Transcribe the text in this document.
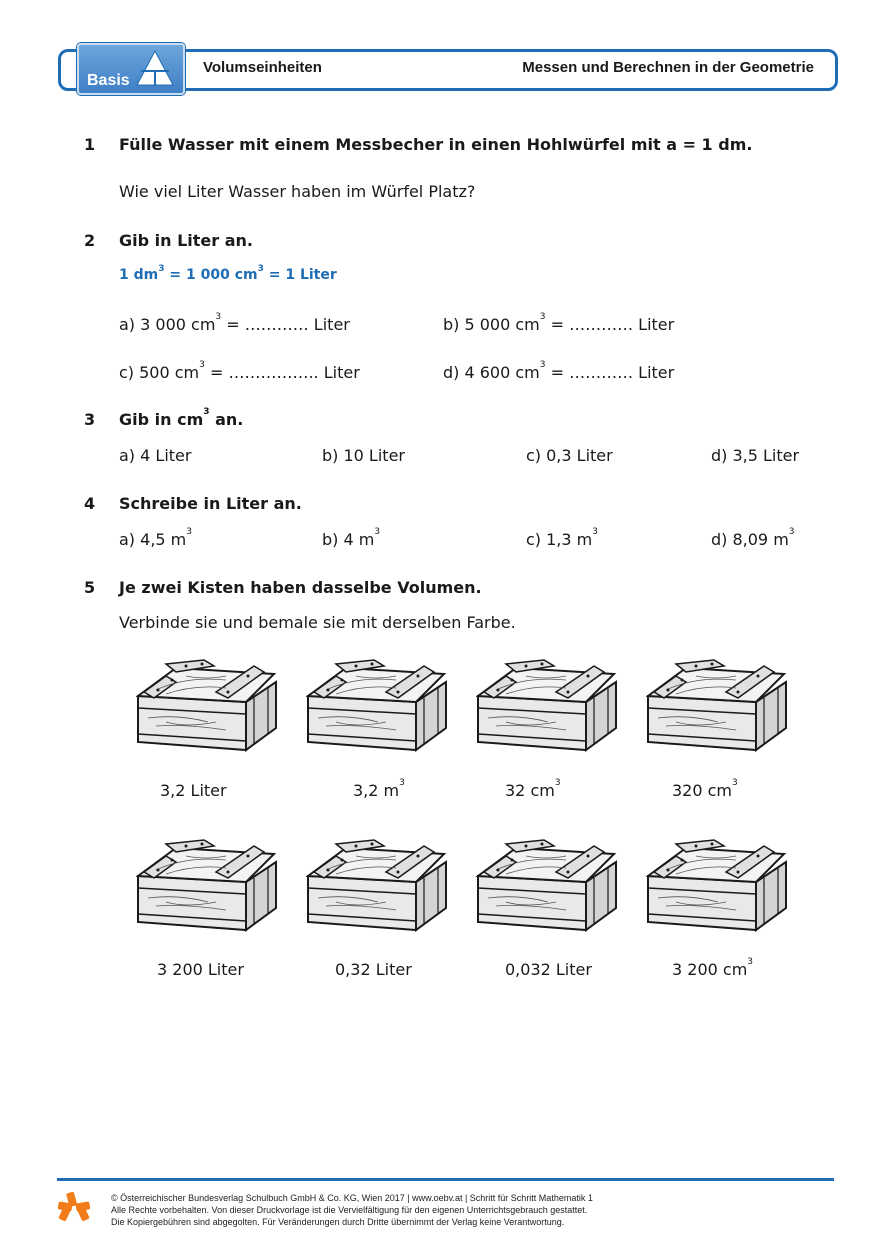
Basis
Volumseinheiten	Messen und Berechnen in der Geometrie
1 Fülle Wasser mit einem Messbecher in einen Hohlwürfel mit a = 1 dm.
Wie viel Liter Wasser haben im Würfel Platz?
2 Gib in Liter an.
1 $dm^3 = 1$ 000 $cm^3 = 1$ Liter
a) 3 000 $cm^3$ = ………… Liter	b) 5 000 $cm^3$ = ………… Liter
c) 500 $cm^3$ = …………….. Liter	d) 4 600 $cm^3$ = ………… Liter
3 Gib in $cm^3$ an.
a) 4 Liter	b) 10 Liter	c) 0,3 Liter	d) 3,5 Liter
4 Schreibe in Liter an.
a) 4,5 $m^3$	b) 4 $m^3$	c) 1,3 $m^3$	d) 8,09 $m^3$
5 Je zwei Kisten haben dasselbe Volumen.
Verbinde sie und bemale sie mit derselben Farbe.
3,2 Liter	3,2 $m^3$	32 $cm^3$	320 $cm^3$
3 200 Liter	0,32 Liter	0,032 Liter	3 200 $cm^3$
© Österreichischer Bundesverlag Schulbuch GmbH & Co. KG, Wien 2017 | www.oebv.at | Schritt für Schritt Mathematik 1
Alle Rechte vorbehalten. Von dieser Druckvorlage ist die Vervielfältigung für den eigenen Unterrichtsgebrauch gestattet.
Die Kopiergebühren sind abgegolten. Für Veränderungen durch Dritte übernimmt der Verlag keine Verantwortung.
